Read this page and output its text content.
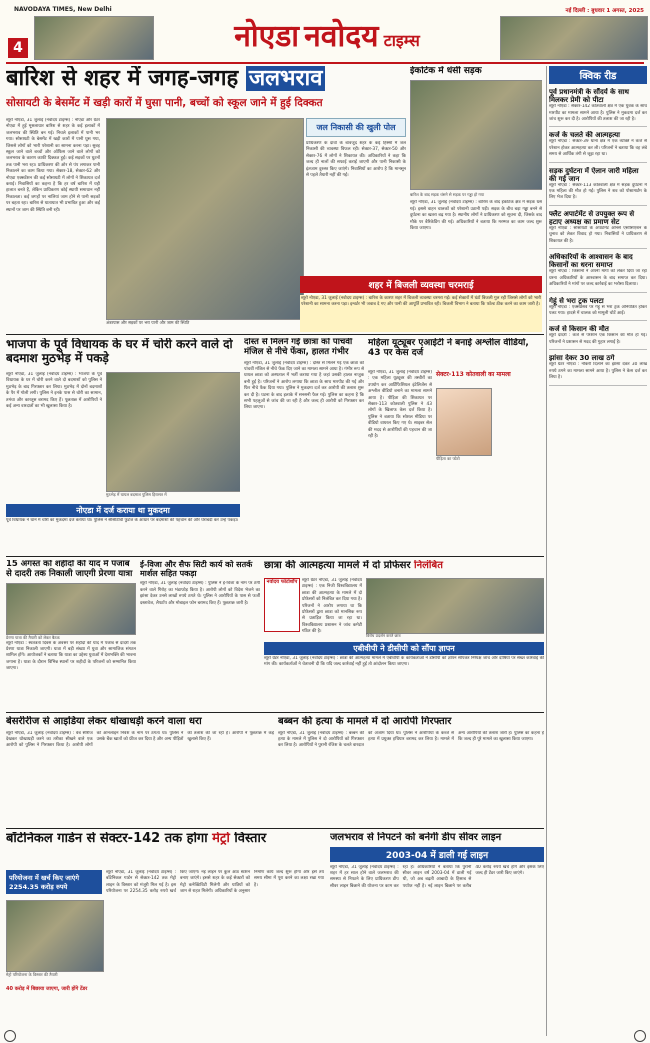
NAVODAYA TIMES, New Delhi
4	नोएडा नवोदय टाइम्स
नई दिल्ली : बुधवार 1 अगस्त, 2025
बारिश से शहर में जगह-जगह जलभराव
सोसायटी के बेसमेंट में खड़ी कारों में घुसा पानी, बच्चों को स्कूल जाने में हुई दिक्कत
ब्यूरो नोएडा, 31 जुलाई (नवोदय टाइम्स) : नोएडा और ग्रेटर नोएडा में हुई मूसलाधार बारिश से शहर के कई इलाकों में जलभराव की स्थिति बन गई। निचले इलाकों में पानी भर गया। सोसायटी के बेसमेंट में खड़ी कारों में पानी घुस गया, जिससे लोगों को भारी परेशानी का सामना करना पड़ा। सुबह स्कूल जाने वाले बच्चों और ऑफिस जाने वाले लोगों को जलभराव के कारण काफी दिक्कत हुई। कई सड़कों पर घुटनों तक पानी भरा रहा। प्राधिकरण की ओर से पंप लगाकर पानी निकालने का काम किया गया। सेक्टर-18, सेक्टर-62 और नोएडा एक्सटेंशन की कई सोसायटी में लोगों ने शिकायत दर्ज कराई। निवासियों का कहना है कि हर वर्ष बारिश में यही हालात बनते हैं, लेकिन प्राधिकरण कोई स्थायी समाधान नहीं निकालता। कई जगहों पर नालियां जाम होने से पानी सड़कों पर बहता रहा। बारिश से यातायात भी प्रभावित हुआ और कई स्थानों पर जाम की स्थिति बनी रही।
अंडरपास और सड़कों पर भरा पानी और जाम की स्थिति
जल निकासी की खुली पोल
प्राधिकरण के दावों के बावजूद शहर के कई हिस्सों में जल निकासी की व्यवस्था विफल रही। सेक्टर-37, सेक्टर-50 और सेक्टर-76 में लोगों ने शिकायत की। अधिकारियों ने कहा कि जल्द ही नालों की सफाई कराई जाएगी और पानी निकासी के इंतजाम दुरुस्त किए जाएंगे। निवासियों का आरोप है कि मानसून से पहले तैयारी नहीं की गई।
ईकोटेक में धंसी सड़क
बारिश के बाद सड़क धंसने से सड़क पर गड्ढा हो गया
ब्यूरो नोएडा, 31 जुलाई (नवोदय टाइम्स) : बारिश के बाद ईकोटेक क्षेत्र में सड़क धंस गई। इससे वाहन चालकों को परेशानी उठानी पड़ी। सड़क के बीच बड़ा गड्ढा बनने से दुर्घटना का खतरा बढ़ गया है। स्थानीय लोगों ने प्राधिकरण को सूचना दी, जिसके बाद मौके पर बैरिकेडिंग की गई। अधिकारियों ने बताया कि मरम्मत का काम जल्द शुरू किया जाएगा।
शहर में बिजली व्यवस्था चरमराई
ब्यूरो नोएडा, 31 जुलाई (नवोदय टाइम्स) : बारिश के कारण शहर में बिजली व्यवस्था चरमरा गई। कई सेक्टरों में घंटों बिजली गुल रही जिससे लोगों को भारी परेशानी का सामना करना पड़ा। इन्वर्टर भी जवाब दे गए और पानी की आपूर्ति प्रभावित रही। बिजली विभाग ने बताया कि फॉल्ट ठीक करने का काम जारी है।
क्विक रीड
पूर्व प्रधानमंत्री के सौंदर्य के साथ मिलकर प्रेमी को पीटा
ब्यूरो नोएडा : सेक्टर-142 कोतवाली क्षेत्र में एक युवक के साथ मारपीट का मामला सामने आया है। पुलिस ने मुकदमा दर्ज कर जांच शुरू कर दी है। आरोपियों की तलाश की जा रही है।
कर्ज के चलते की आत्महत्या
ब्यूरो नोएडा : सेक्टर-39 थाना क्षेत्र में एक व्यक्ति ने कर्ज से परेशान होकर आत्महत्या कर ली। परिजनों ने बताया कि वह लंबे समय से आर्थिक तंगी से जूझ रहा था।
सड़क दुर्घटना में ऐलान जारी महिला की गई जान
ब्यूरो नोएडा : सेक्टर-113 कोतवाली क्षेत्र में सड़क दुर्घटना में एक महिला की मौत हो गई। पुलिस ने शव को पोस्टमार्टम के लिए भेज दिया है।
फ्लैट अपार्टमेंट से उपयुक्त रूप से हटाए अध्यक्ष का प्रमाण सेट
ब्यूरो नोएडा : सोसायटी के अपार्टमेंट ओनर्स एसोसिएशन के चुनाव को लेकर विवाद हो गया। निवासियों ने प्राधिकरण से शिकायत की है।
अधिकारियों के आश्वासन के बाद किसानों का धरना समाप्त
ब्यूरो नोएडा : किसानों ने अपनी मांगों को लेकर दिया जा रहा धरना अधिकारियों के आश्वासन के बाद समाप्त कर दिया। अधिकारियों ने मांगों पर जल्द कार्रवाई का भरोसा दिलाया।
गेहूं से भरा ट्रक पलटा
ब्यूरो नोएडा : एक्सप्रेसवे पर गेहूं से भरा ट्रक अनियंत्रित होकर पलट गया। हादसे में चालक को मामूली चोटें आईं।
कर्ज से किसान की मौत
ब्यूरो दादरी : कर्ज से परेशान एक किसान की मौत हो गई। परिजनों ने प्रशासन से मदद की गुहार लगाई है।
झांसा देकर 30 लाख ठगे
ब्यूरो ग्रेटर नोएडा : नौकरी दिलाने का झांसा देकर 30 लाख रुपये ठगने का मामला सामने आया है। पुलिस ने केस दर्ज कर लिया है।
भाजपा के पूर्व विधायक के घर में चोरी करने वाले दो बदमाश मुठभेड़ में पकड़े
ब्यूरो नोएडा, 31 जुलाई (नवोदय टाइम्स) : भाजपा के पूर्व विधायक के घर में चोरी करने वाले दो बदमाशों को पुलिस ने मुठभेड़ के बाद गिरफ्तार कर लिया। मुठभेड़ में दोनों बदमाशों के पैर में गोली लगी। पुलिस ने इनके पास से चोरी का सामान, तमंचा और कारतूस बरामद किए हैं। पूछताछ में आरोपियों ने कई अन्य वारदातों का भी खुलासा किया है।
मुठभेड़ में घायल बदमाश पुलिस हिरासत में
नोएडा में दर्ज कराया था मुकदमा
पूर्व विधायक ने थाने में चोरी का मुकदमा दर्ज कराया था। पुलिस ने सीसीटीवी फुटेज के आधार पर बदमाशों की पहचान की और घेराबंदी कर उन्हें पकड़ा।
दोस्त से मिलने गई छात्रा को पांचवीं मंजिल से नीचे फेंका, हालत गंभीर
ब्यूरो नोएडा, 31 जुलाई (नवोदय टाइम्स) : दोस्त से मिलने गई एक छात्रा को पांचवीं मंजिल से नीचे फेंक दिए जाने का मामला सामने आया है। गंभीर रूप से घायल छात्रा को अस्पताल में भर्ती कराया गया है जहां उसकी हालत नाजुक बनी हुई है। परिजनों ने आरोप लगाया कि छात्रा के साथ मारपीट की गई और फिर नीचे फेंक दिया गया। पुलिस ने मुकदमा दर्ज कर आरोपी की तलाश शुरू कर दी है। घटना के बाद इलाके में सनसनी फैल गई। पुलिस का कहना है कि सभी पहलुओं से जांच की जा रही है और जल्द ही आरोपी को गिरफ्तार कर लिया जाएगा।
महिला यूट्यूबर एआईटी ने बनाई अश्लील वीडियो, 43 पर केस दर्ज
ब्यूरो नोएडा, 31 जुलाई (नवोदय टाइम्स) : एक महिला यूट्यूबर की तस्वीरों का उपयोग कर आर्टिफिशियल इंटेलिजेंस से अश्लील वीडियो बनाने का मामला सामने आया है। पीड़िता की शिकायत पर सेक्टर-113 कोतवाली पुलिस ने 43 लोगों के खिलाफ केस दर्ज किया है। पुलिस ने बताया कि सोशल मीडिया पर वीडियो वायरल किए गए थे। साइबर सेल की मदद से आरोपियों की पहचान की जा रही है।
सेक्टर-113 कोतवाली का मामला
पीड़िता का फोटो
15 अगस्त को शहीदों की याद में पंजाब से दादरी तक निकाली जाएगी प्रेरणा यात्रा
प्रेरणा यात्रा की तैयारी को लेकर बैठक
ब्यूरो नोएडा : स्वतंत्रता दिवस के अवसर पर शहीदों की याद में पंजाब से दादरी तक प्रेरणा यात्रा निकाली जाएगी। यात्रा में बड़ी संख्या में युवा और सामाजिक संगठन शामिल होंगे। आयोजकों ने बताया कि यात्रा का उद्देश्य युवाओं में देशभक्ति की भावना जगाना है। यात्रा के दौरान विभिन्न स्थानों पर शहीदों के परिजनों को सम्मानित किया जाएगा।
ई-विजा और सैफ सिटी कार्य को सतर्क मार्शल सहित पकड़ा
ब्यूरो नोएडा, 31 जुलाई (नवोदय टाइम्स) : पुलिस ने ई-विजा के नाम पर ठगी करने वाले गिरोह का भंडाफोड़ किया है। आरोपी लोगों को विदेश भेजने का झांसा देकर उनसे लाखों रुपये ठगते थे। पुलिस ने आरोपियों के पास से फर्जी दस्तावेज, लैपटॉप और मोबाइल फोन बरामद किए हैं। पूछताछ जारी है।
छात्रा की आत्महत्या मामले में दो प्रोफेसर निलंबित
नवोदय फोटोशॉप	ब्यूरो ग्रेटर नोएडा, 31 जुलाई (नवोदय टाइम्स) : एक निजी विश्वविद्यालय में छात्रा की आत्महत्या के मामले में दो प्रोफेसरों को निलंबित कर दिया गया है। परिजनों ने आरोप लगाया था कि प्रोफेसरों द्वारा छात्रा को मानसिक रूप से प्रताड़ित किया जा रहा था। विश्वविद्यालय प्रशासन ने जांच कमेटी गठित की है।
विरोध प्रदर्शन करते छात्र
एबीवीपी ने डीसीपी को सौंपा ज्ञापन
ब्यूरो ग्रेटर नोएडा, 31 जुलाई (नवोदय टाइम्स) : छात्रा की आत्महत्या मामले में एबीवीपी के कार्यकर्ताओं ने डीसीपी को ज्ञापन सौंपकर निष्पक्ष जांच और दोषियों पर सख्त कार्रवाई की मांग की। कार्यकर्ताओं ने चेतावनी दी कि यदि जल्द कार्रवाई नहीं हुई तो आंदोलन किया जाएगा।
बेसरीरीज से आइडिया लेकर धोखाधड़ी करने वाला धरा
ब्यूरो नोएडा, 31 जुलाई (नवोदय टाइम्स) : वेब सीरीज देखकर धोखाधड़ी करने का तरीका सीखने वाले एक आरोपी को पुलिस ने गिरफ्तार किया है। आरोपी लोगों को ऑनलाइन निवेश के नाम पर ठगता था। पुलिस ने उसके बैंक खातों को फ्रीज कर दिया है और अन्य पीड़ितों की तलाश की जा रही है। आरोपी ने पूछताछ में कई खुलासे किए हैं।
बब्बन की हत्या के मामले में दो आरोपी गिरफ्तार
ब्यूरो नोएडा, 31 जुलाई (नवोदय टाइम्स) : बब्बन की हत्या के मामले में पुलिस ने दो आरोपियों को गिरफ्तार कर लिया है। आरोपियों ने पुरानी रंजिश के चलते वारदात को अंजाम दिया था। पुलिस ने आरोपियों के कब्जे से हत्या में प्रयुक्त हथियार बरामद कर लिया है। मामले में अन्य आरोपियों की तलाश जारी है। पुलिस का कहना है कि जल्द ही पूरे मामले का खुलासा किया जाएगा।
बॉटेनिकल गार्डन से सेक्टर-142 तक होगा मेट्रो विस्तार
परियोजना में खर्च किए जाएंगे 2254.35 करोड़ रुपये
मेट्रो परियोजना के विस्तार की तैयारी
ब्यूरो नोएडा, 31 जुलाई (नवोदय टाइम्स) : बॉटेनिकल गार्डन से सेक्टर-142 तक मेट्रो लाइन के विस्तार को मंजूरी मिल गई है। इस परियोजना पर 2254.35 करोड़ रुपये खर्च किए जाएंगे। नई लाइन पर कुल आठ स्टेशन बनाए जाएंगे। इससे शहर के कई सेक्टरों को मेट्रो कनेक्टिविटी मिलेगी और यात्रियों को जाम से राहत मिलेगी। अधिकारियों के अनुसार निर्माण कार्य जल्द शुरू होगा और इसे तय समय सीमा में पूरा करने का लक्ष्य रखा गया है।
40 करोड़ में बिछाया जाएगा, जारी होंगे टेंडर
जलभराव से निपटने को बनेगी डीप सीवर लाइन
2003-04 में डाली गई लाइन
ब्यूरो नोएडा, 31 जुलाई (नवोदय टाइम्स) : शहर में हर साल होने वाले जलभराव की समस्या से निपटने के लिए प्राधिकरण डीप सीवर लाइन बिछाने की योजना पर काम कर रहा है। अधिकारियों ने बताया कि पुरानी सीवर लाइन वर्ष 2003-04 में डाली गई थी, जो अब बढ़ती आबादी के हिसाब से पर्याप्त नहीं है। नई लाइन बिछाने पर करीब 40 करोड़ रुपये खर्च होंगे और इसके लिए जल्द ही टेंडर जारी किए जाएंगे।
